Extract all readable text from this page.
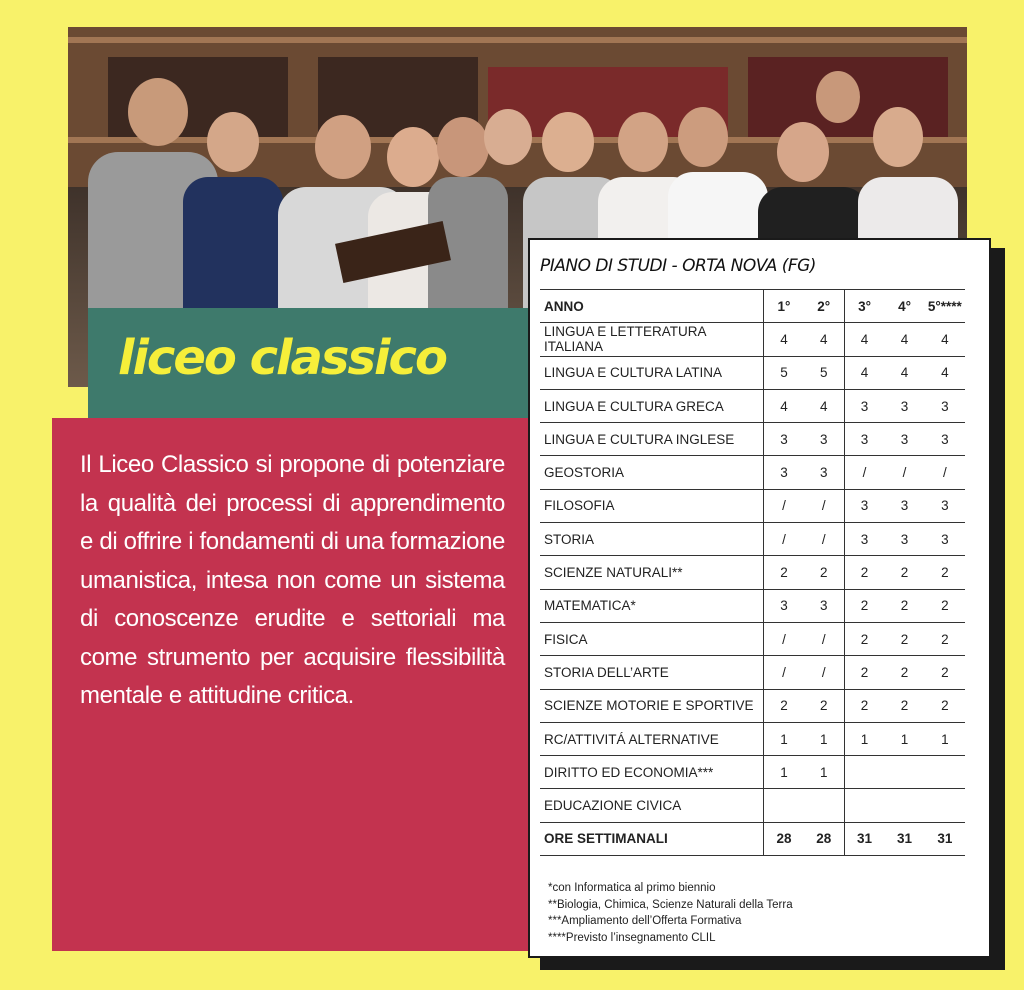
liceo classico
Il Liceo Classico si propone di potenziare la qualità dei processi di apprendimento e di offrire i fondamenti di una formazione umanistica, intesa non come un sistema di conoscenze erudite e settoriali ma come strumento per acquisire flessibilità mentale e attitudine critica.
PIANO DI STUDI - ORTA NOVA (FG)
ANNO	1°	2°	3°	4°	5°****
LINGUA E LETTERATURA ITALIANA	4	4	4	4	4
LINGUA E CULTURA LATINA	5	5	4	4	4
LINGUA E CULTURA GRECA	4	4	3	3	3
LINGUA E CULTURA INGLESE	3	3	3	3	3
GEOSTORIA	3	3	/	/	/
FILOSOFIA	/	/	3	3	3
STORIA	/	/	3	3	3
SCIENZE NATURALI**	2	2	2	2	2
MATEMATICA*	3	3	2	2	2
FISICA	/	/	2	2	2
STORIA DELL’ARTE	/	/	2	2	2
SCIENZE MOTORIE E SPORTIVE	2	2	2	2	2
RC/ATTIVITÁ ALTERNATIVE	1	1	1	1	1
DIRITTO ED ECONOMIA***	1	1			
EDUCAZIONE CIVICA					
ORE SETTIMANALI	28	28	31	31	31
*con Informatica al primo biennio
**Biologia, Chimica, Scienze Naturali della Terra
***Ampliamento dell’Offerta Formativa
****Previsto l’insegnamento CLIL
